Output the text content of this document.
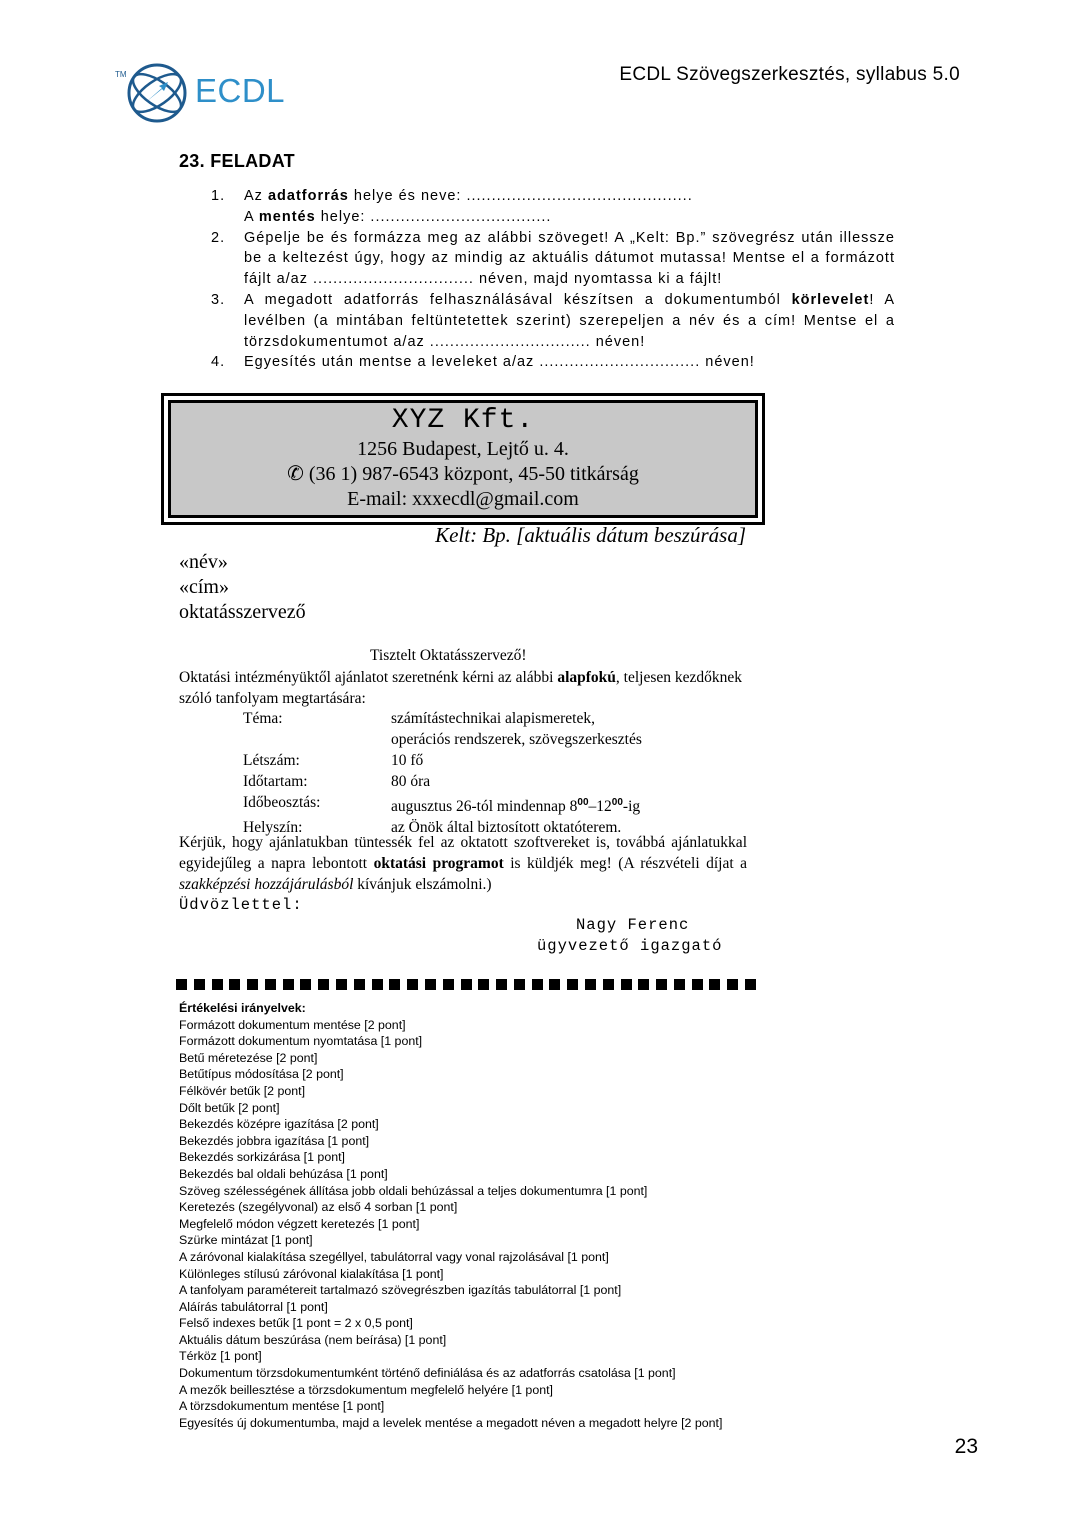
TM ECDL	ECDL Szövegszerkesztés, syllabus 5.0
23. FELADAT
1.	Az adatforrás helye és neve: .............................................
A mentés helye: ....................................
2.	Gépelje be és formázza meg az alábbi szöveget! A „Kelt: Bp.” szövegrész után illessze be a keltezést úgy, hogy az mindig az aktuális dátumot mutassa! Mentse el a formázott fájlt a/az ................................ néven, majd nyomtassa ki a fájlt!
3.	A megadott adatforrás felhasználásával készítsen a dokumentumból körlevelet! A levélben (a mintában feltüntetettek szerint) szerepeljen a név és a cím! Mentse el a törzsdokumentumot a/az ................................ néven!
4.	Egyesítés után mentse a leveleket a/az ................................ néven!
XYZ Kft.
1256 Budapest, Lejtő u. 4.
✆ (36 1) 987-6543 központ, 45-50 titkárság
E-mail: xxxecdl@gmail.com
Kelt: Bp. [aktuális dátum beszúrása]
«név»
«cím»
oktatásszervező
Tisztelt Oktatásszervező!
Oktatási intézményüktől ajánlatot szeretnénk kérni az alábbi alapfokú, teljesen kezdőknek szóló tanfolyam megtartására:
Téma:	számítástechnikai alapismeretek,
operációs rendszerek, szövegszerkesztés
Létszám:	10 fő
Időtartam:	80 óra
Időbeosztás:	augusztus 26-tól mindennap $8^{00}-12^{00}-ig$
Helyszín:	az Önök által biztosított oktatóterem.
Kérjük, hogy ajánlatukban tüntessék fel az oktatott szoftvereket is, továbbá ajánlatukkal egyidejűleg a napra lebontott oktatási programot is küldjék meg! (A részvételi díjat a szakképzési hozzájárulásból kívánjuk elszámolni.)
Üdvözlettel:
Nagy Ferenc
ügyvezető igazgató
Értékelési irányelvek:
Formázott dokumentum mentése [2 pont]
Formázott dokumentum nyomtatása [1 pont]
Betű méretezése [2 pont]
Betűtípus módosítása [2 pont]
Félkövér betűk [2 pont]
Dőlt betűk [2 pont]
Bekezdés középre igazítása [2 pont]
Bekezdés jobbra igazítása [1 pont]
Bekezdés sorkizárása [1 pont]
Bekezdés bal oldali behúzása [1 pont]
Szöveg szélességének állítása jobb oldali behúzással a teljes dokumentumra [1 pont]
Keretezés (szegélyvonal) az első 4 sorban [1 pont]
Megfelelő módon végzett keretezés [1 pont]
Szürke mintázat [1 pont]
A záróvonal kialakítása szegéllyel, tabulátorral vagy vonal rajzolásával [1 pont]
Különleges stílusú záróvonal kialakítása [1 pont]
A tanfolyam paramétereit tartalmazó szövegrészben igazítás tabulátorral [1 pont]
Aláírás tabulátorral [1 pont]
Felső indexes betűk [1 pont = 2 x 0,5 pont]
Aktuális dátum beszúrása (nem beírása) [1 pont]
Térköz [1 pont]
Dokumentum törzsdokumentumként történő definiálása és az adatforrás csatolása [1 pont]
A mezők beillesztése a törzsdokumentum megfelelő helyére [1 pont]
A törzsdokumentum mentése [1 pont]
Egyesítés új dokumentumba, majd a levelek mentése a megadott néven a megadott helyre [2 pont]
23
